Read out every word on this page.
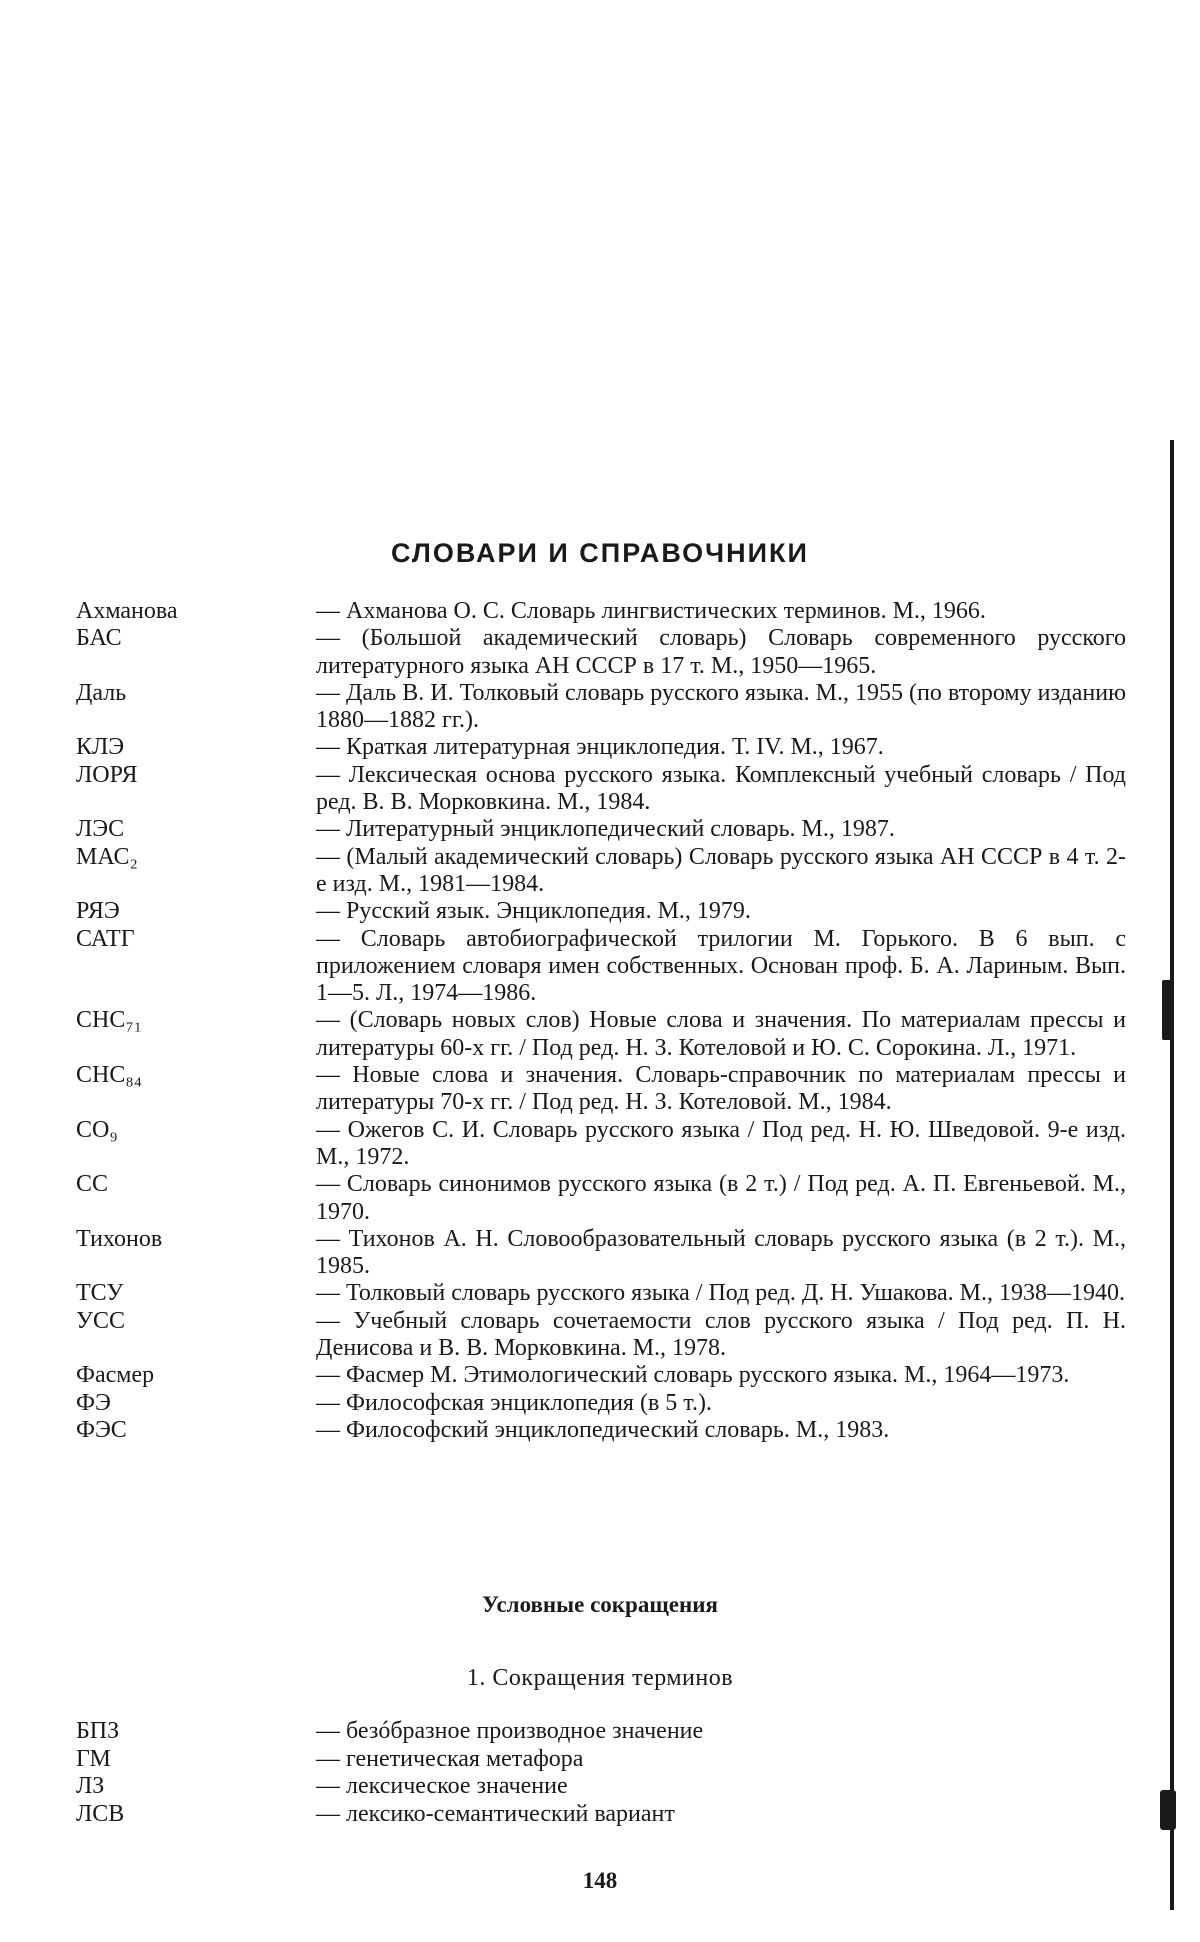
СЛОВАРИ И СПРАВОЧНИКИ
Ахманова	— Ахманова О. С. Словарь лингвистических терминов. М., 1966.
БАС	— (Большой академический словарь) Словарь современного русского литературного языка АН СССР в 17 т. М., 1950—1965.
Даль	— Даль В. И. Толковый словарь русского языка. М., 1955 (по второму изданию 1880—1882 гг.).
КЛЭ	— Краткая литературная энциклопедия. Т. IV. М., 1967.
ЛОРЯ	— Лексическая основа русского языка. Комплексный учебный словарь / Под ред. В. В. Морковкина. М., 1984.
ЛЭС	— Литературный энциклопедический словарь. М., 1987.
МАС₂	— (Малый академический словарь) Словарь русского языка АН СССР в 4 т. 2-е изд. М., 1981—1984.
РЯЭ	— Русский язык. Энциклопедия. М., 1979.
САТГ	— Словарь автобиографической трилогии М. Горького. В 6 вып. с приложением словаря имен собственных. Основан проф. Б. А. Лариным. Вып. 1—5. Л., 1974—1986.
СНС₇₁	— (Словарь новых слов) Новые слова и значения. По материалам прессы и литературы 60-х гг. / Под ред. Н. З. Котеловой и Ю. С. Сорокина. Л., 1971.
СНС₈₄	— Новые слова и значения. Словарь-справочник по материалам прессы и литературы 70-х гг. / Под ред. Н. З. Котеловой. М., 1984.
СО₉	— Ожегов С. И. Словарь русского языка / Под ред. Н. Ю. Шведовой. 9-е изд. М., 1972.
СС	— Словарь синонимов русского языка (в 2 т.) / Под ред. А. П. Евгеньевой. М., 1970.
Тихонов	— Тихонов А. Н. Словообразовательный словарь русского языка (в 2 т.). М., 1985.
ТСУ	— Толковый словарь русского языка / Под ред. Д. Н. Ушакова. М., 1938—1940.
УСС	— Учебный словарь сочетаемости слов русского языка / Под ред. П. Н. Денисова и В. В. Морковкина. М., 1978.
Фасмер	— Фасмер М. Этимологический словарь русского языка. М., 1964—1973.
ФЭ	— Философская энциклопедия (в 5 т.).
ФЭС	— Философский энциклопедический словарь. М., 1983.
Условные сокращения
1. Сокращения терминов
БПЗ	— безóбразное производное значение
ГМ	— генетическая метафора
ЛЗ	— лексическое значение
ЛСВ	— лексико-семантический вариант
148
